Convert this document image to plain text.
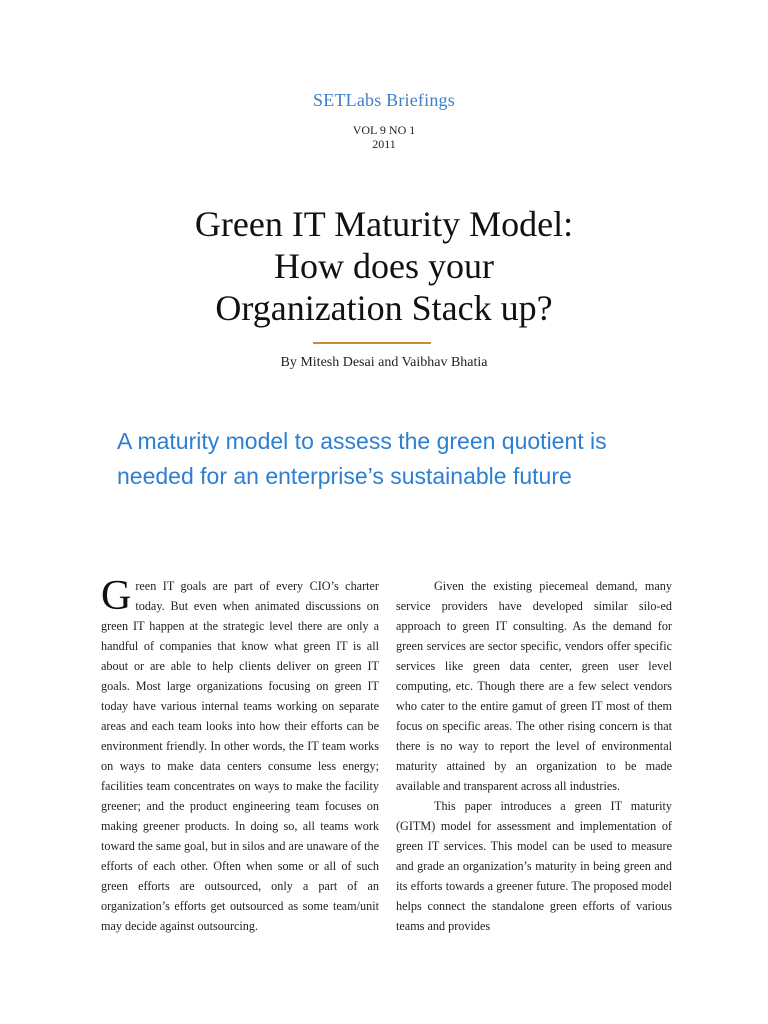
SETLabs Briefings
VOL 9 NO 1
2011
Green IT Maturity Model:
How does your
Organization Stack up?
By Mitesh Desai and Vaibhav Bhatia
A maturity model to assess the green quotient is needed for an enterprise’s sustainable future

Green IT goals are part of every CIO’s charter today. But even when animated discussions on green IT happen at the strategic level there are only a handful of companies that know what green IT is all about or are able to help clients deliver on green IT goals. Most large organizations focusing on green IT today have various internal teams working on separate areas and each team looks into how their efforts can be environment friendly. In other words, the IT team works on ways to make data centers consume less energy; facilities team concentrates on ways to make the facility greener; and the product engineering team focuses on making greener products. In doing so, all teams work toward the same goal, but in silos and are unaware of the efforts of each other. Often when some or all of such green efforts are outsourced, only a part of an organization’s efforts get outsourced as some team/unit may decide against outsourcing.

Given the existing piecemeal demand, many service providers have developed similar silo-ed approach to green IT consulting. As the demand for green services are sector specific, vendors offer specific services like green data center, green user level computing, etc. Though there are a few select vendors who cater to the entire gamut of green IT most of them focus on specific areas. The other rising concern is that there is no way to report the level of environmental maturity attained by an organization to be made available and transparent across all industries.

This paper introduces a green IT maturity (GITM) model for assessment and implementation of green IT services. This model can be used to measure and grade an organization’s maturity in being green and its efforts towards a greener future. The proposed model helps connect the standalone green efforts of various teams and provides
